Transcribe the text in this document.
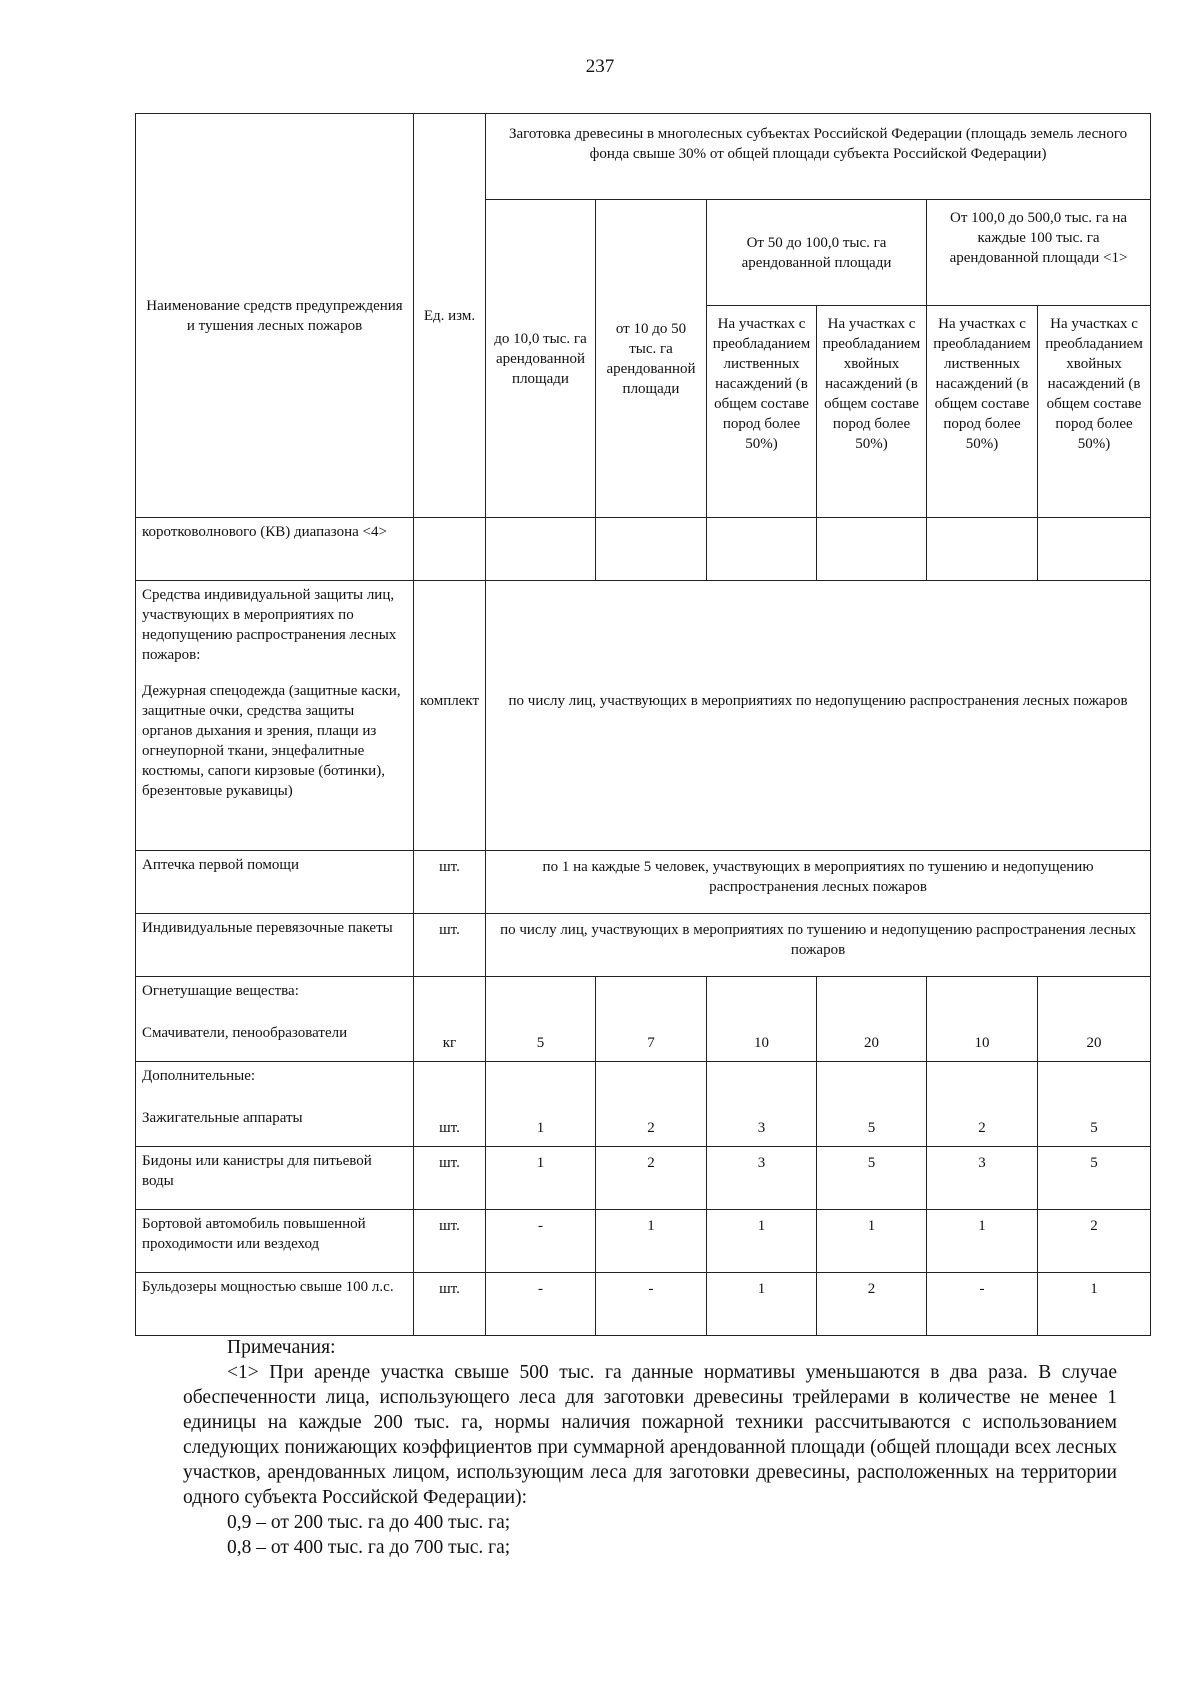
237
Наименование средств предупреждения и тушения лесных пожаров	Ед. изм.	Заготовка древесины в многолесных субъектах Российской Федерации (площадь земель лесного фонда свыше 30% от общей площади субъекта Российской Федерации)					
		до 10,0 тыс. га арендованной площади	от 10 до 50 тыс. га арендованной площади	От 50 до 100,0 тыс. га арендованной площади		От 100,0 до 500,0 тыс. га на каждые 100 тыс. га арендованной площади <1>	
				На участках с преобладанием лиственных насаждений (в общем составе пород более 50%)	На участках с преобладанием хвойных насаждений (в общем составе пород более 50%)	На участках с преобладанием лиственных насаждений (в общем составе пород более 50%)	На участках с преобладанием хвойных насаждений (в общем составе пород более 50%)
коротковолнового (КВ) диапазона <4>							
Средства индивидуальной защиты лиц, участвующих в мероприятиях по недопущению распространения лесных пожаров:
Дежурная спецодежда (защитные каски, защитные очки, средства защиты органов дыхания и зрения, плащи из огнеупорной ткани, энцефалитные костюмы, сапоги кирзовые (ботинки), брезентовые рукавицы)	комплект	по числу лиц, участвующих в мероприятиях по недопущению распространения лесных пожаров					
Аптечка первой помощи	шт.	по 1 на каждые 5 человек, участвующих в мероприятиях по тушению и недопущению распространения лесных пожаров					
Индивидуальные перевязочные пакеты	шт.	по числу лиц, участвующих в мероприятиях по тушению и недопущению распространения лесных пожаров					
Огнетушащие вещества:
Смачиватели, пенообразователи	кг	5	7	10	20	10	20
Дополнительные:
Зажигательные аппараты	шт.	1	2	3	5	2	5
Бидоны или канистры для питьевой воды	шт.	1	2	3	5	3	5
Бортовой автомобиль повышенной проходимости или вездеход	шт.	-	1	1	1	1	2
Бульдозеры мощностью свыше 100 л.с.	шт.	-	-	1	2	-	1

Примечания:

<1> При аренде участка свыше 500 тыс. га данные нормативы уменьшаются в два раза. В случае обеспеченности лица, использующего леса для заготовки древесины трейлерами в количестве не менее 1 единицы на каждые 200 тыс. га, нормы наличия пожарной техники рассчитываются с использованием следующих понижающих коэффициентов при суммарной арендованной площади (общей площади всех лесных участков, арендованных лицом, использующим леса для заготовки древесины, расположенных на территории одного субъекта Российской Федерации):

0,9 – от 200 тыс. га до 400 тыс. га;

0,8 – от 400 тыс. га до 700 тыс. га;
